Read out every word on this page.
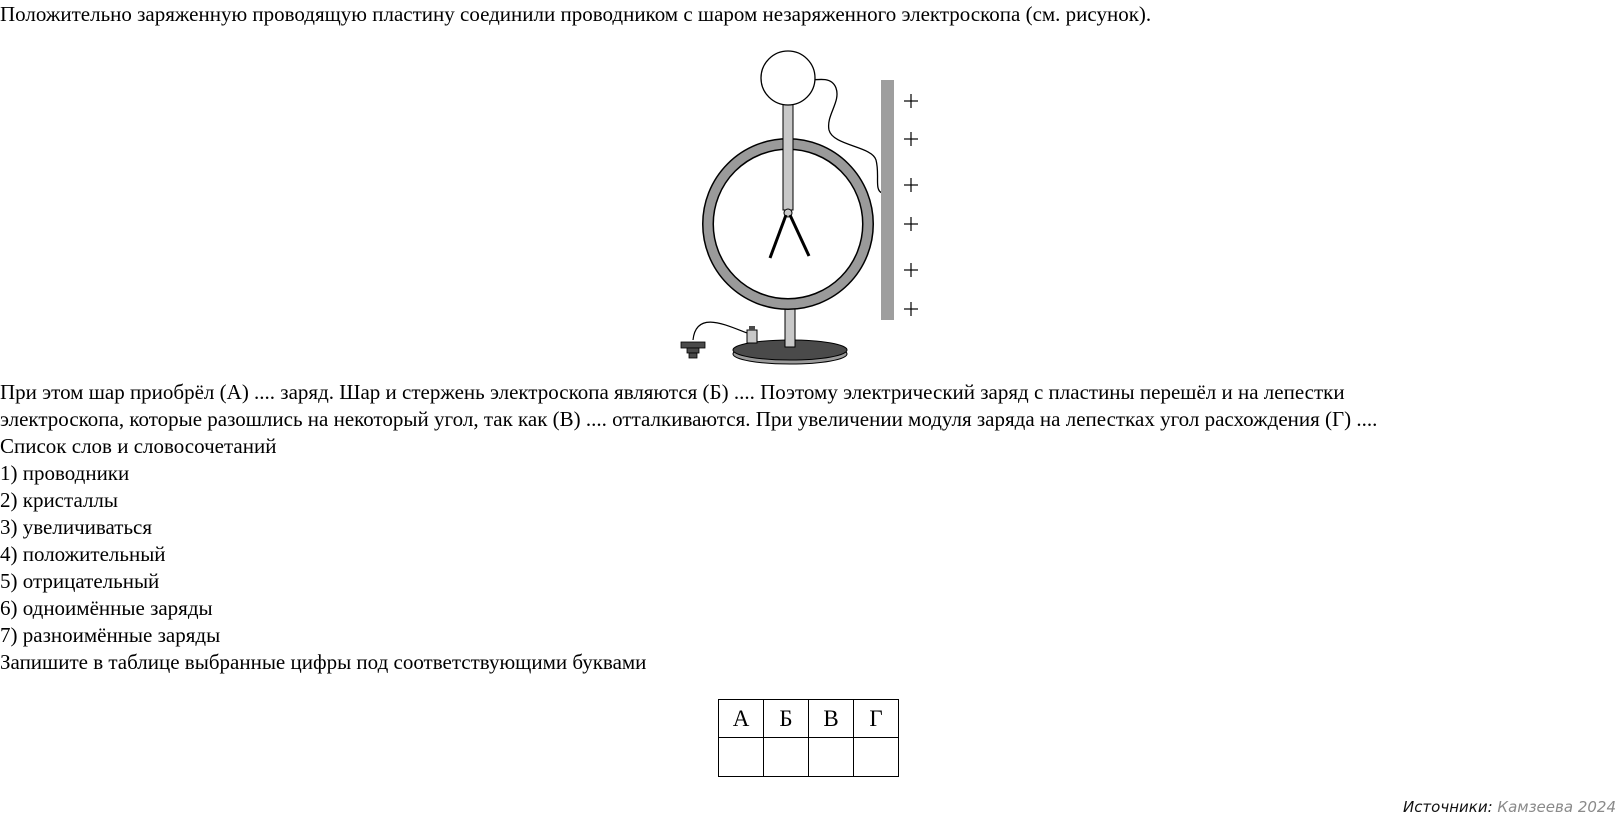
Положительно заряженную проводящую пластину соединили проводником с шаром незаряженного электроскопа (см. рисунок).

При этом шар приобрёл (А) .... заряд. Шар и стержень электроскопа являются (Б) .... Поэтому электрический заряд с пластины перешёл и на лепестки

электроскопа, которые разошлись на некоторый угол, так как (В) .... отталкиваются. При увеличении модуля заряда на лепестках угол расхождения (Г) ....

Список слов и словосочетаний

1) проводники
2) кристаллы
3) увеличиваться
4) положительный
5) отрицательный
6) одноимённые заряды
7) разноимённые заряды

Запишите в таблице выбранные цифры под соответствующими буквами

А	Б	В	Г

Источники: Камзеева 2024
